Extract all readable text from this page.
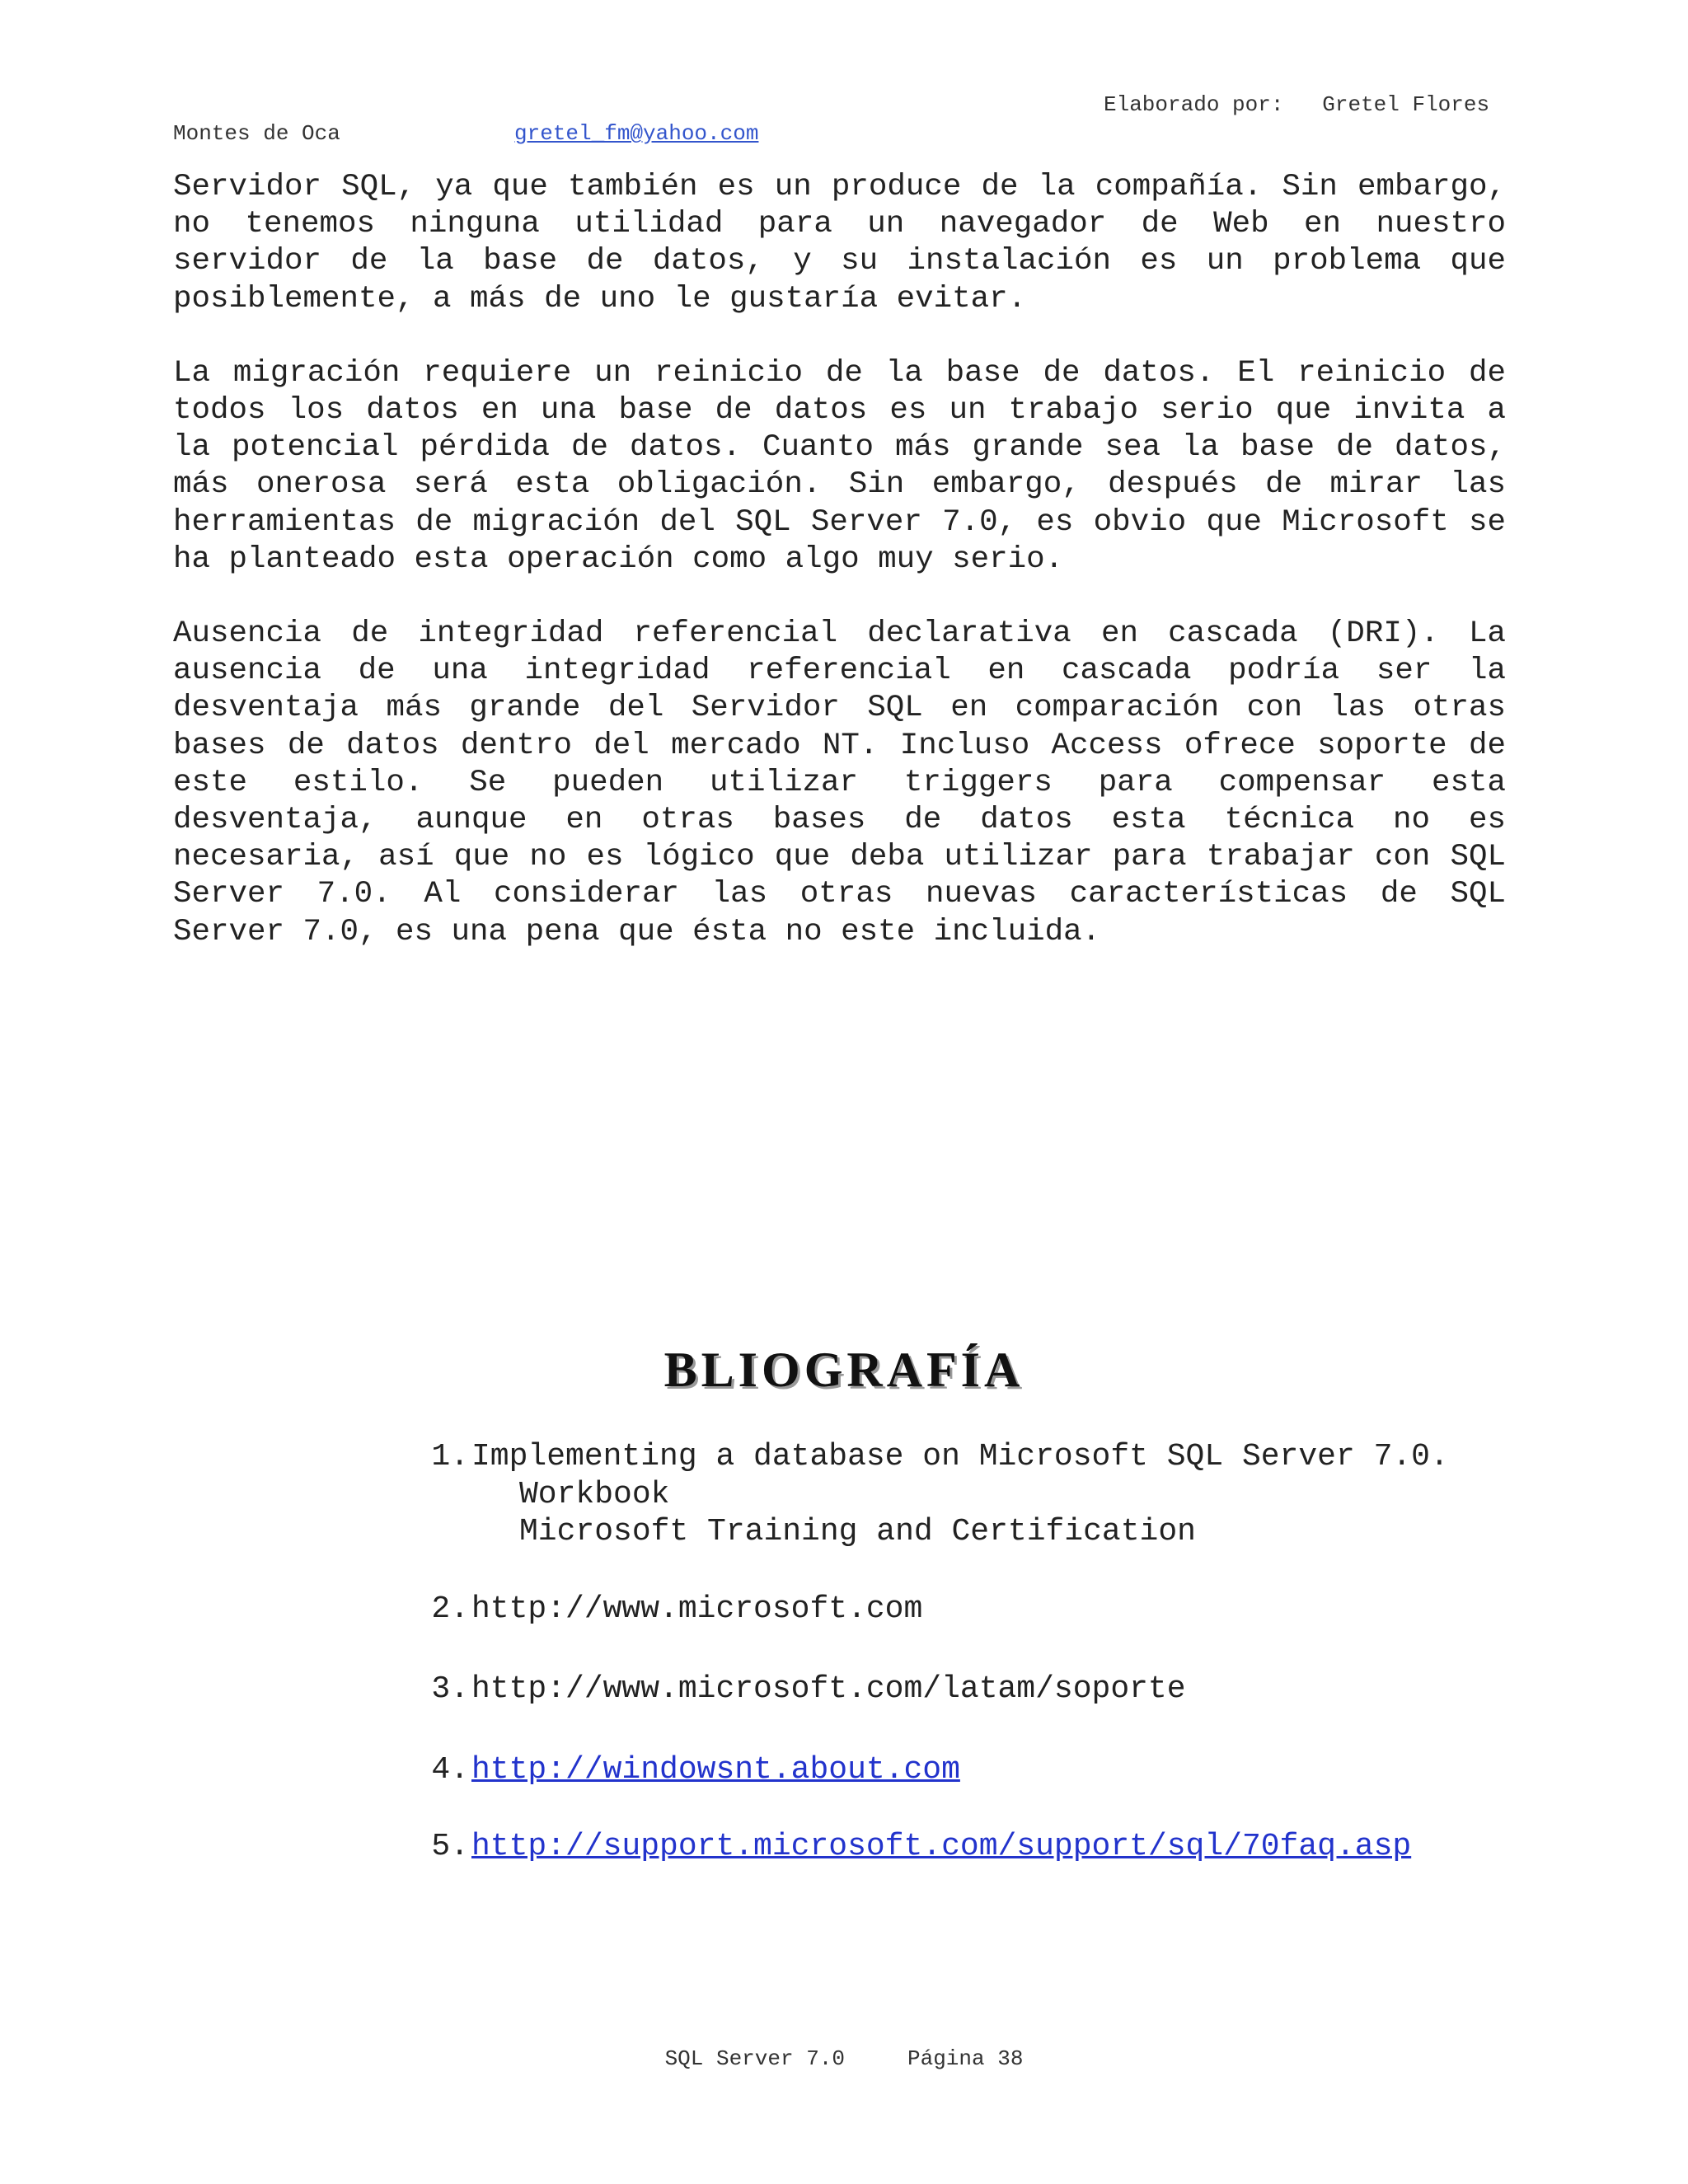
Elaborado por:   Gretel Flores
Montes de Oca	gretel_fm@yahoo.com

Servidor SQL, ya que también es un produce de la compañía. Sin embargo, no tenemos ninguna utilidad para un navegador de Web en nuestro servidor de la base de datos, y su instalación es un problema que posiblemente, a más de uno le gustaría evitar.

La migración requiere un reinicio de la base de datos. El reinicio de todos los datos en una base de datos es un trabajo serio que invita a la potencial pérdida de datos. Cuanto más grande sea la base de datos, más onerosa será esta obligación. Sin embargo, después de mirar las herramientas de migración del SQL Server 7.0, es obvio que Microsoft se ha planteado esta operación como algo muy serio.

Ausencia de integridad referencial declarativa en cascada (DRI). La ausencia de una integridad referencial en cascada podría ser la desventaja más grande del Servidor SQL en comparación con las otras bases de datos dentro del mercado NT. Incluso Access ofrece soporte de este estilo. Se pueden utilizar triggers para compensar esta desventaja, aunque en otras bases de datos esta técnica no es necesaria, así que no es lógico que deba utilizar para trabajar con SQL Server 7.0. Al considerar las otras nuevas características de SQL Server 7.0, es una pena que ésta no este incluida.

BLIOGRAFÍA
1. Implementing a database on Microsoft SQL Server 7.0.
Workbook
Microsoft Training and Certification
2. http://www.microsoft.com
3. http://www.microsoft.com/latam/soporte
4. http://windowsnt.about.com
5. http://support.microsoft.com/support/sql/70faq.asp
SQL Server 7.0	Página 38
